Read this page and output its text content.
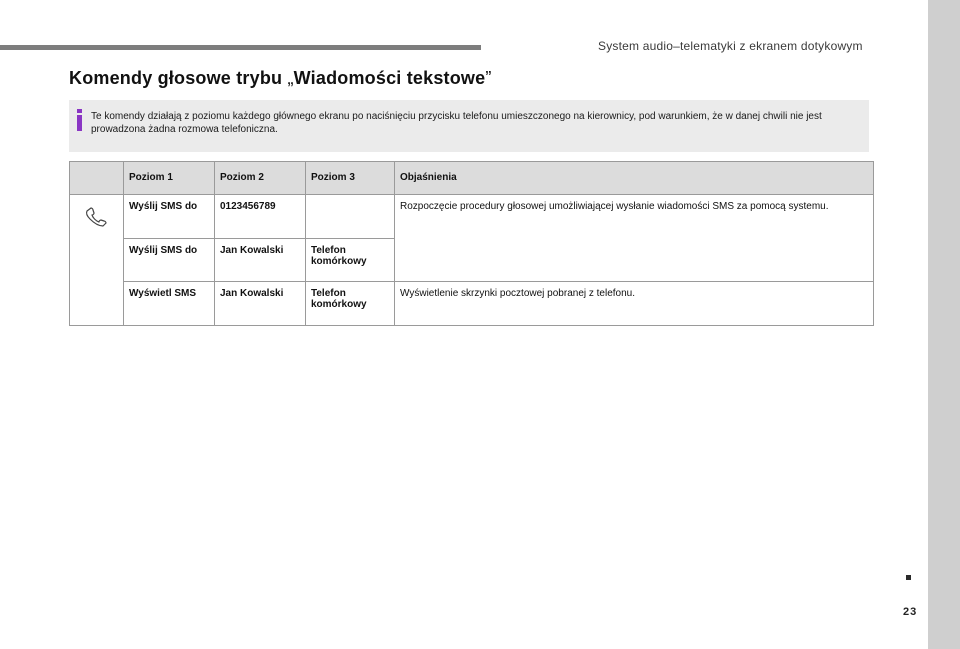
System audio–telematyki z ekranem dotykowym
23
Komendy głosowe trybu „Wiadomości tekstowe”
Te komendy działają z poziomu każdego głównego ekranu po naciśnięciu przycisku telefonu umieszczonego na kierownicy, pod warunkiem, że w danej chwili nie jest prowadzona żadna rozmowa telefoniczna.
	Poziom 1	Poziom 2	Poziom 3	Objaśnienia
	Wyślij SMS do	0123456789		Rozpoczęcie procedury głosowej umożliwiającej wysłanie wiadomości SMS za pomocą systemu.
	Wyślij SMS do	Jan Kowalski	Telefon komórkowy	
	Wyświetl SMS	Jan Kowalski	Telefon komórkowy	Wyświetlenie skrzynki pocztowej pobranej z telefonu.
